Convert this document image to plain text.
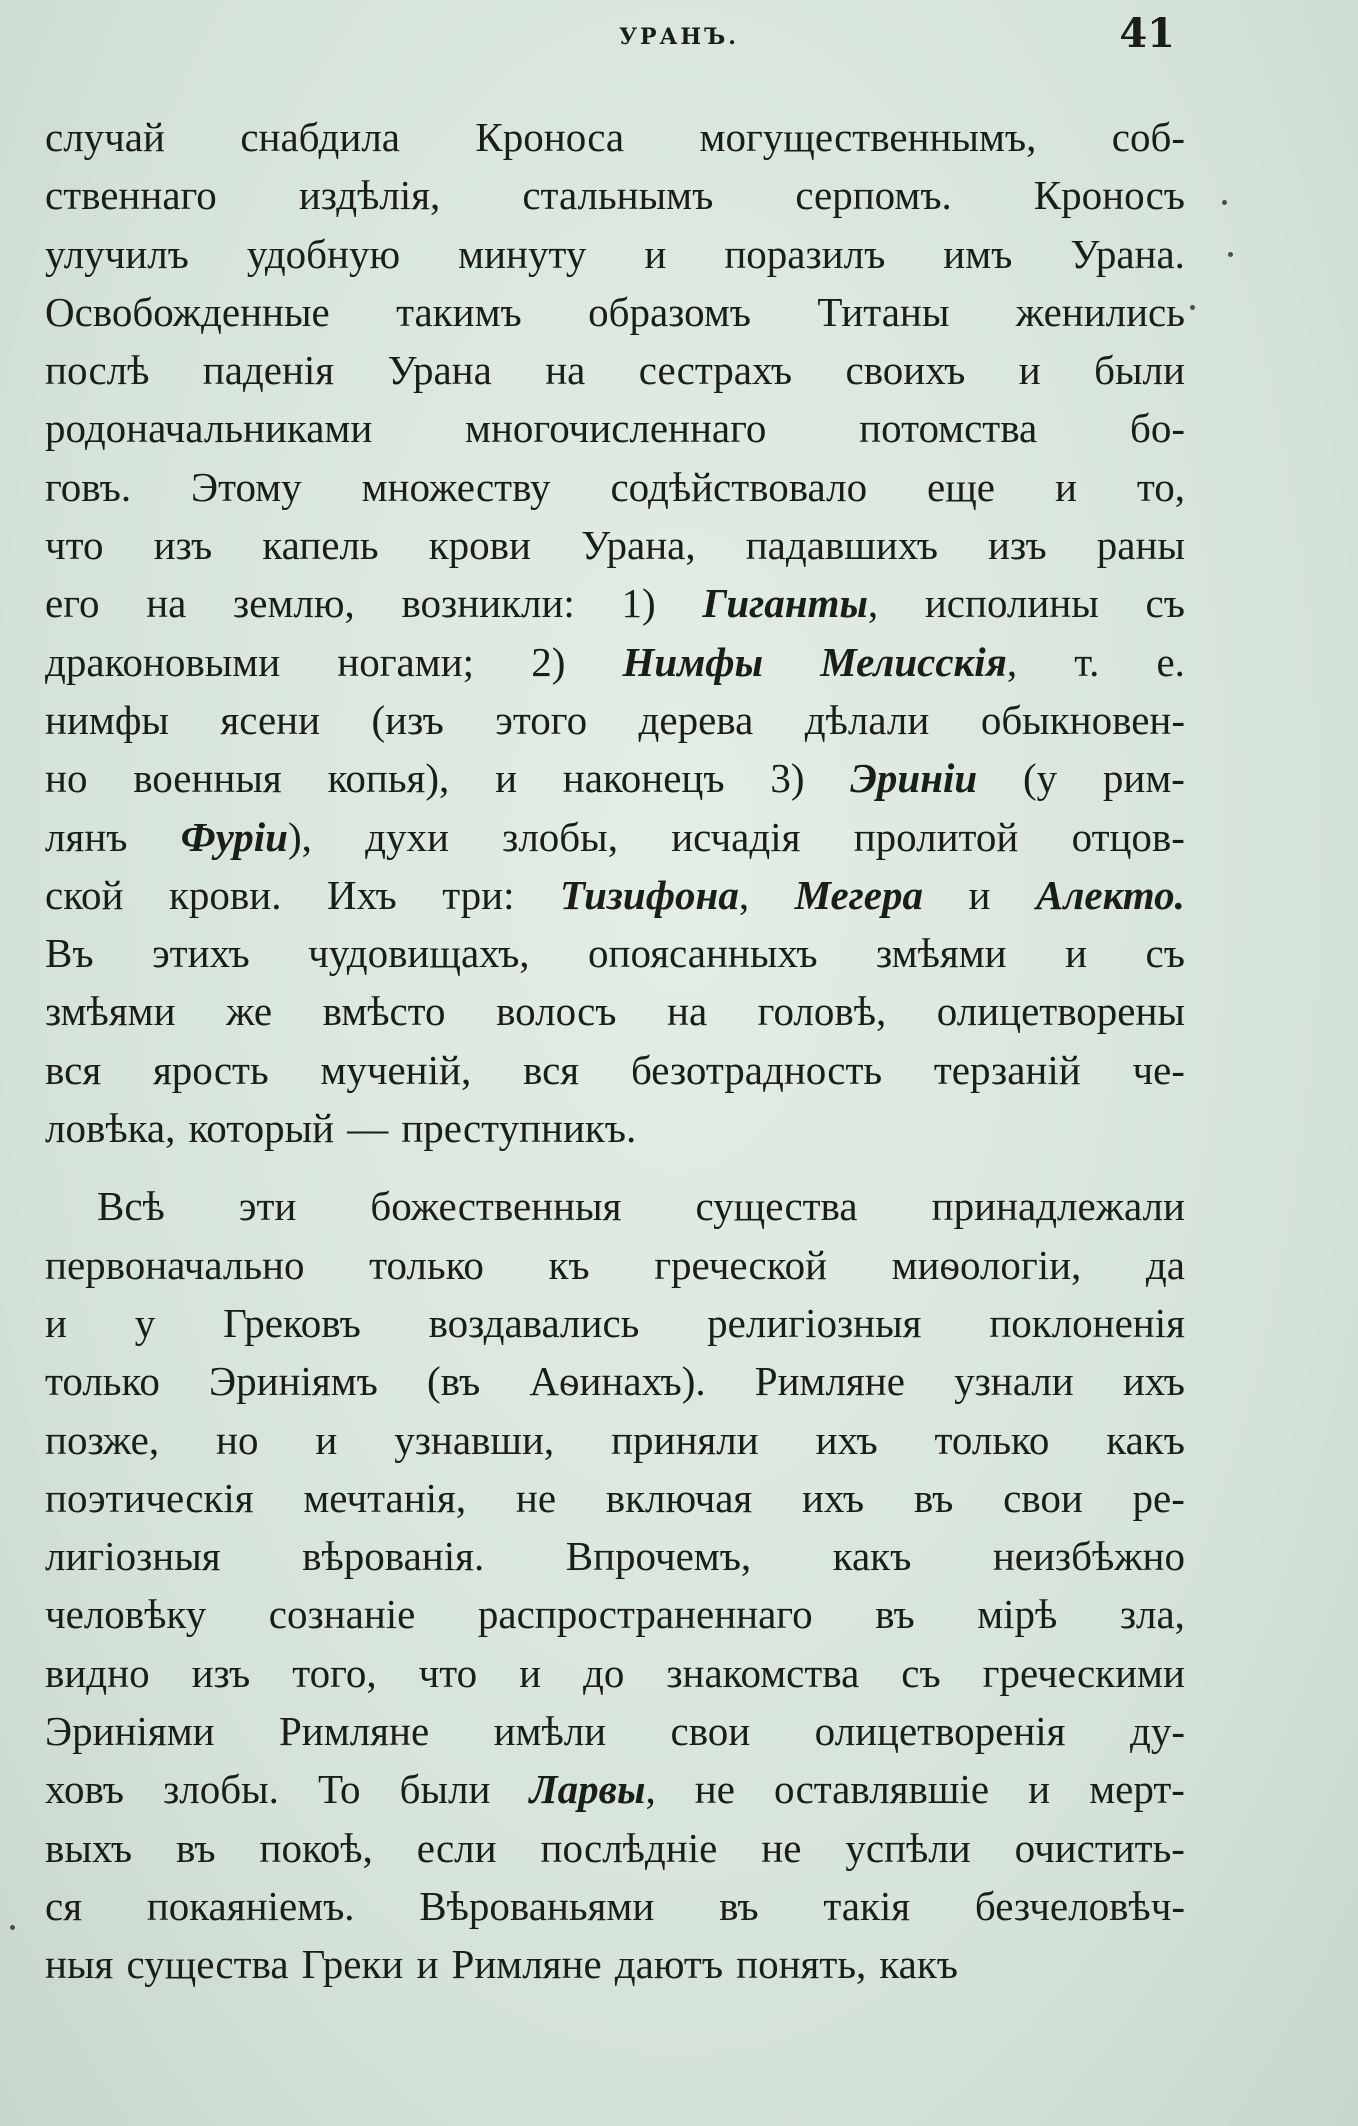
УРАНЪ.	41
случай снабдила Кроноса могущественнымъ, соб-
ственнаго издѣлія, стальнымъ серпомъ. Кроносъ
улучилъ удобную минуту и поразилъ имъ Урана.
Освобожденные такимъ образомъ Титаны женились
послѣ паденія Урана на сестрахъ своихъ и были
родоначальниками многочисленнаго потомства бо-
говъ. Этому множеству содѣйствовало еще и то,
что изъ капель крови Урана, падавшихъ изъ раны
его на землю, возникли: 1) Гиганты, исполины съ
драконовыми ногами; 2) Нимфы Мелисскія, т. е.
нимфы ясени (изъ этого дерева дѣлали обыкновен-
но военныя копья), и наконецъ 3) Эриніи (у рим-
лянъ Фуріи), духи злобы, исчадія пролитой отцов-
ской крови. Ихъ три: Тизифона, Мегера и Алекто.
Въ этихъ чудовищахъ, опоясанныхъ змѣями и съ
змѣями же вмѣсто волосъ на головѣ, олицетворены
вся ярость мученій, вся безотрадность терзаній че-
ловѣка, который — преступникъ.
Всѣ эти божественныя существа принадлежали
первоначально только къ греческой миѳологіи, да
и у Грековъ воздавались религіозныя поклоненія
только Эриніямъ (въ Аѳинахъ). Римляне узнали ихъ
позже, но и узнавши, приняли ихъ только какъ
поэтическія мечтанія, не включая ихъ въ свои ре-
лигіозныя вѣрованія. Впрочемъ, какъ неизбѣжно
человѣку сознаніе распространеннаго въ мірѣ зла,
видно изъ того, что и до знакомства съ греческими
Эриніями Римляне имѣли свои олицетворенія ду-
ховъ злобы. То были Ларвы, не оставлявшіе и мерт-
выхъ въ покоѣ, если послѣдніе не успѣли очистить-
ся покаяніемъ. Вѣрованьями въ такія безчеловѣч-
ныя существа Греки и Римляне даютъ понять, какъ
